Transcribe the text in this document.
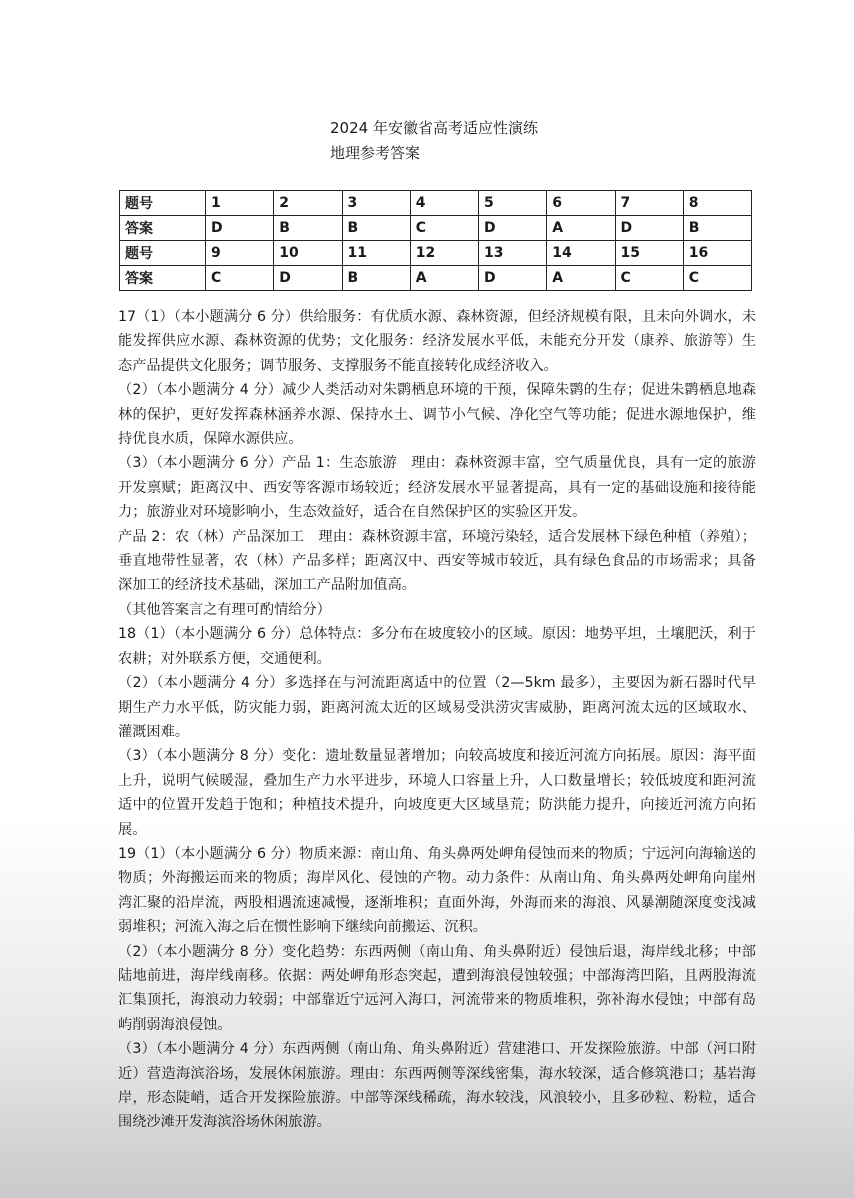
2024 年安徽省高考适应性演练
地理参考答案
题号	1	2	3	4	5	6	7	8
答案	D	B	B	C	D	A	D	B
题号	9	10	11	12	13	14	15	16
答案	C	D	B	A	D	A	C	C

17（1）（本小题满分 6 分）供给服务：有优质水源、森林资源，但经济规模有限，且未向外调水，未能发挥供应水源、森林资源的优势；文化服务：经济发展水平低，未能充分开发（康养、旅游等）生态产品提供文化服务；调节服务、支撑服务不能直接转化成经济收入。

（2）（本小题满分 4 分）减少人类活动对朱鹮栖息环境的干预，保障朱鹮的生存；促进朱鹮栖息地森林的保护，更好发挥森林涵养水源、保持水土、调节小气候、净化空气等功能；促进水源地保护，维持优良水质，保障水源供应。

（3）（本小题满分 6 分）产品 1：生态旅游　理由：森林资源丰富，空气质量优良，具有一定的旅游开发禀赋；距离汉中、西安等客源市场较近；经济发展水平显著提高，具有一定的基础设施和接待能力；旅游业对环境影响小，生态效益好，适合在自然保护区的实验区开发。

产品 2：农（林）产品深加工　理由：森林资源丰富，环境污染轻，适合发展林下绿色种植（养殖）；垂直地带性显著，农（林）产品多样；距离汉中、西安等城市较近，具有绿色食品的市场需求；具备深加工的经济技术基础，深加工产品附加值高。

（其他答案言之有理可酌情给分）

18（1）（本小题满分 6 分）总体特点：多分布在坡度较小的区域。原因：地势平坦，土壤肥沃，利于农耕；对外联系方便，交通便利。

（2）（本小题满分 4 分）多选择在与河流距离适中的位置（2—5km 最多），主要因为新石器时代早期生产力水平低，防灾能力弱，距离河流太近的区域易受洪涝灾害威胁，距离河流太远的区域取水、灌溉困难。

（3）（本小题满分 8 分）变化：遗址数量显著增加；向较高坡度和接近河流方向拓展。原因：海平面上升，说明气候暖湿，叠加生产力水平进步，环境人口容量上升，人口数量增长；较低坡度和距河流适中的位置开发趋于饱和；种植技术提升，向坡度更大区域垦荒；防洪能力提升，向接近河流方向拓展。

19（1）（本小题满分 6 分）物质来源：南山角、角头鼻两处岬角侵蚀而来的物质；宁远河向海输送的物质；外海搬运而来的物质；海岸风化、侵蚀的产物。动力条件：从南山角、角头鼻两处岬角向崖州湾汇聚的沿岸流，两股相遇流速减慢，逐渐堆积；直面外海，外海而来的海浪、风暴潮随深度变浅减弱堆积；河流入海之后在惯性影响下继续向前搬运、沉积。

（2）（本小题满分 8 分）变化趋势：东西两侧（南山角、角头鼻附近）侵蚀后退，海岸线北移；中部陆地前进，海岸线南移。依据：两处岬角形态突起，遭到海浪侵蚀较强；中部海湾凹陷，且两股海流汇集顶托，海浪动力较弱；中部靠近宁远河入海口，河流带来的物质堆积，弥补海水侵蚀；中部有岛屿削弱海浪侵蚀。

（3）（本小题满分 4 分）东西两侧（南山角、角头鼻附近）营建港口、开发探险旅游。中部（河口附近）营造海滨浴场，发展休闲旅游。理由：东西两侧等深线密集，海水较深，适合修筑港口；基岩海岸，形态陡峭，适合开发探险旅游。中部等深线稀疏，海水较浅，风浪较小，且多砂粒、粉粒，适合围绕沙滩开发海滨浴场休闲旅游。
